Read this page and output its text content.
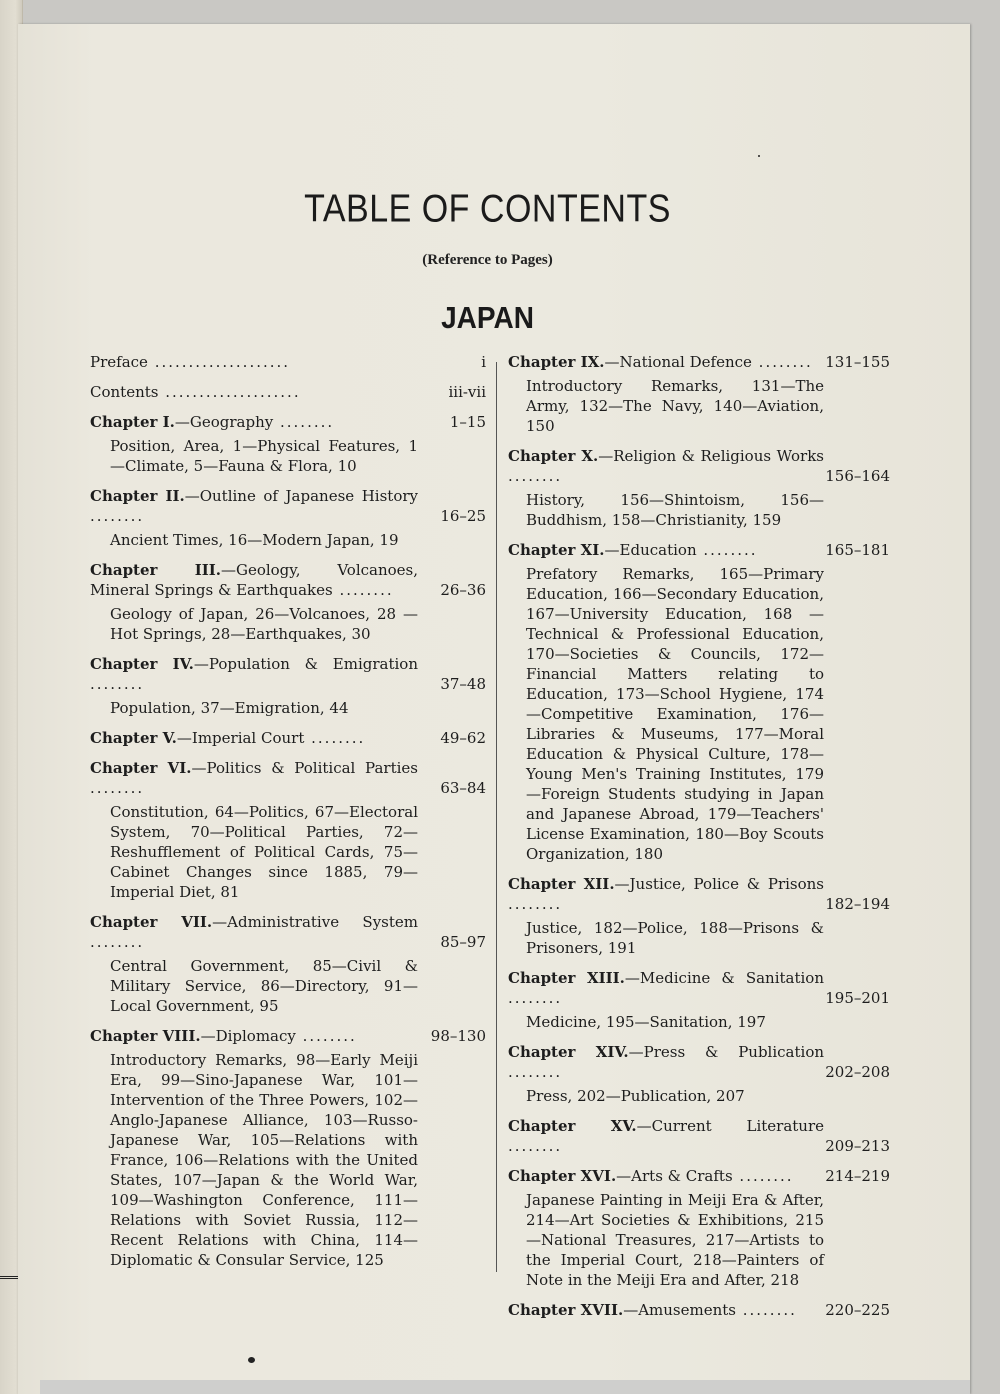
TABLE OF CONTENTS
(Reference to Pages)
JAPAN
Preface ....................	i
Contents ....................	iii-vii
Chapter I.—Geography ........	1–15
Position, Area, 1—Physical Features, 1—Climate, 5—Fauna & Flora, 10
Chapter II.—Outline of Japanese History ........	16–25
Ancient Times, 16—Modern Japan, 19
Chapter III.—Geology, Volcanoes, Mineral Springs & Earthquakes ........	26–36
Geology of Japan, 26—Volcanoes, 28 —Hot Springs, 28—Earthquakes, 30
Chapter IV.—Population & Emigration ........	37–48
Population, 37—Emigration, 44
Chapter V.—Imperial Court ........	49–62
Chapter VI.—Politics & Political Parties ........	63–84
Constitution, 64—Politics, 67—Electoral System, 70—Political Parties, 72—Reshufflement of Political Cards, 75—Cabinet Changes since 1885, 79—Imperial Diet, 81
Chapter VII.—Administrative System ........	85–97
Central Government, 85—Civil & Military Service, 86—Directory, 91—Local Government, 95
Chapter VIII.—Diplomacy ........	98–130
Introductory Remarks, 98—Early Meiji Era, 99—Sino-Japanese War, 101—Intervention of the Three Powers, 102—Anglo-Japanese Alliance, 103—Russo-Japanese War, 105—Relations with France, 106—Relations with the United States, 107—Japan & the World War, 109—Washington Conference, 111—Relations with Soviet Russia, 112—Recent Relations with China, 114—Diplomatic & Consular Service, 125
Chapter IX.—National Defence ........ 131–155
Introductory Remarks, 131—The Army, 132—The Navy, 140—Aviation, 150
Chapter X.—Religion & Religious Works ........	156–164
History, 156—Shintoism, 156—Buddhism, 158—Christianity, 159
Chapter XI.—Education ........	165–181
Prefatory Remarks, 165—Primary Education, 166—Secondary Education, 167—University Education, 168 —Technical & Professional Education, 170—Societies & Councils, 172—Financial Matters relating to Education, 173—School Hygiene, 174—Competitive Examination, 176—Libraries & Museums, 177—Moral Education & Physical Culture, 178—Young Men's Training Institutes, 179 —Foreign Students studying in Japan and Japanese Abroad, 179—Teachers' License Examination, 180—Boy Scouts Organization, 180
Chapter XII.—Justice, Police & Prisons ........	182–194
Justice, 182—Police, 188—Prisons & Prisoners, 191
Chapter XIII.—Medicine & Sanitation ........	195–201
Medicine, 195—Sanitation, 197
Chapter XIV.—Press & Publication ........	202–208
Press, 202—Publication, 207
Chapter XV.—Current Literature ........	209–213
Chapter XVI.—Arts & Crafts ........	214–219
Japanese Painting in Meiji Era & After, 214—Art Societies & Exhibitions, 215—National Treasures, 217—Artists to the Imperial Court, 218—Painters of Note in the Meiji Era and After, 218
Chapter XVII.—Amusements ........	220–225
